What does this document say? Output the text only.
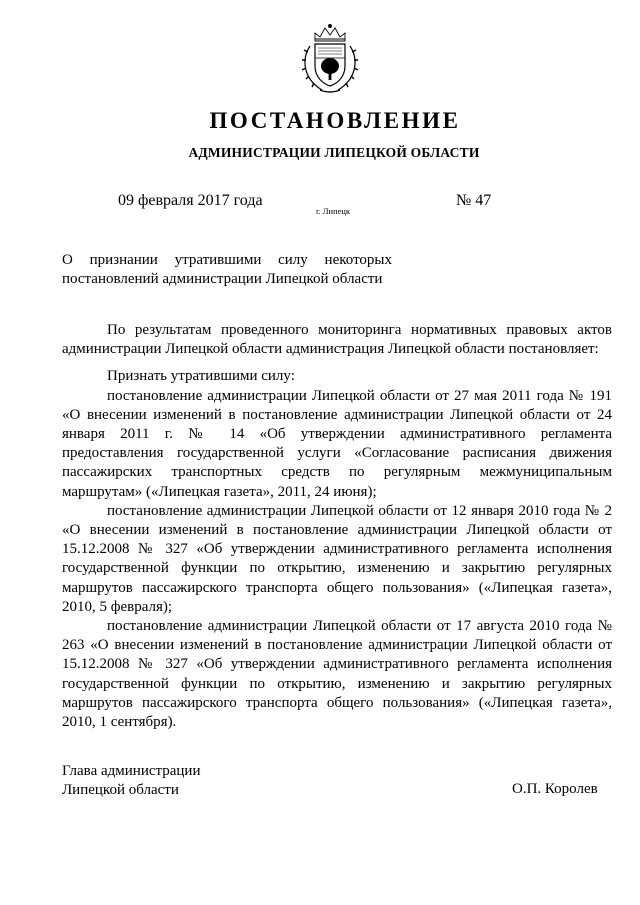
ПОСТАНОВЛЕНИЕ
АДМИНИСТРАЦИИ ЛИПЕЦКОЙ ОБЛАСТИ
09 февраля 2017 года
г. Липецк
№ 47
О признании утратившими силу некоторых
постановлений администрации Липецкой области

По результатам проведенного мониторинга нормативных правовых актов администрации Липецкой области администрация Липецкой области постановляет:

Признать утратившими силу:

постановление администрации Липецкой области от 27 мая 2011 года № 191 «О внесении изменений в постановление администрации Липецкой области от 24 января 2011 г. № 14 «Об утверждении административного регламента предоставления государственной услуги «Согласование расписания движения пассажирских транспортных средств по регулярным межмуниципальным маршрутам» («Липецкая газета», 2011, 24 июня);

постановление администрации Липецкой области от 12 января 2010 года № 2 «О внесении изменений в постановление администрации Липецкой области от 15.12.2008 № 327 «Об утверждении административного регламента исполнения государственной функции по открытию, изменению и закрытию регулярных маршрутов пассажирского транспорта общего пользования» («Липецкая газета», 2010, 5 февраля);

постановление администрации Липецкой области от 17 августа 2010 года № 263 «О внесении изменений в постановление администрации Липецкой области от 15.12.2008 № 327 «Об утверждении административного регламента исполнения государственной функции по открытию, изменению и закрытию регулярных маршрутов пассажирского транспорта общего пользования» («Липецкая газета», 2010, 1 сентября).

Глава администрации
Липецкой области	О.П. Королев
